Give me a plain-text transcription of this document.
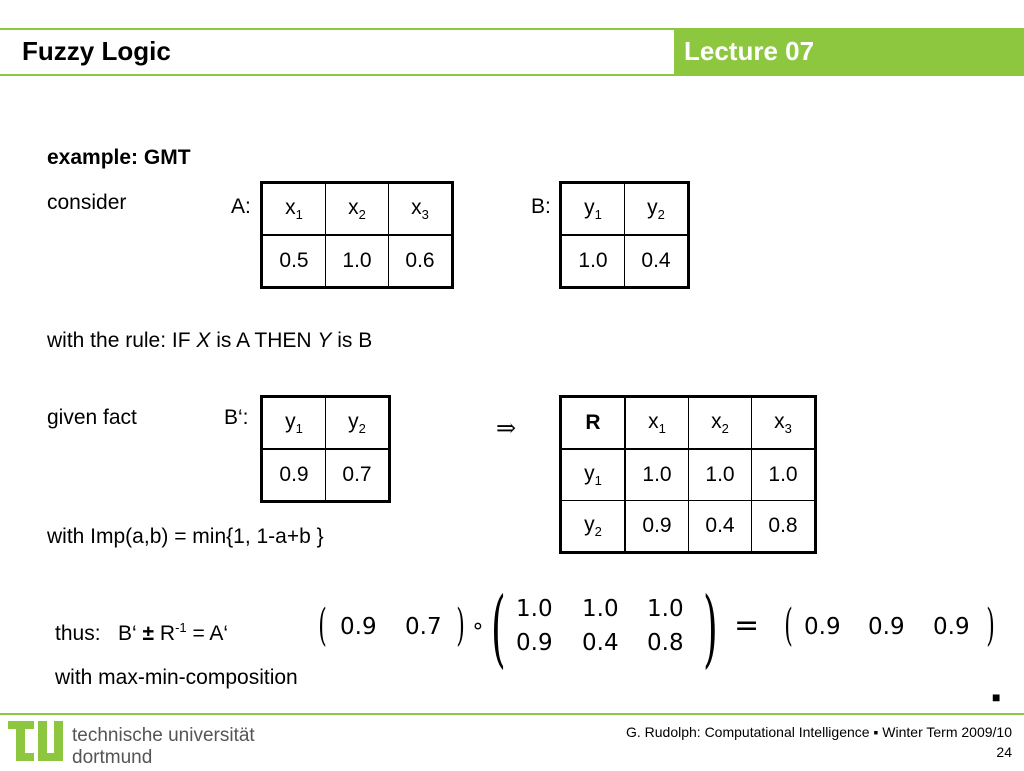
Fuzzy Logic	Lecture 07
example: GMT
consider	A: $x_1$	$x_2$	$x_3$
0.5	1.0	0.6
B: $y_1$	$y_2$
1.0	0.4
with the rule: IF X is A THEN Y is B
given fact	B‘: $y_1$	$y_2$
0.9	0.7
⇒	R	$x_1$	$x_2$	$x_3$
$y_1$	1.0	1.0	1.0
$y_2$	0.9	0.4	0.8
with Imp(a,b) = min{1, 1-a+b }
thus:   B‘ ± $R^{-1}$ = A‘ ( 0.9 0.7 ) ∘ ( 1.0 1.0 1.0
0.9 0.4 0.8 ) = ( 0.9 0.9 0.9 )
with max-min-composition
■
technische universität
dortmund
G. Rudolph: Computational Intelligence ▪ Winter Term 2009/10
24
